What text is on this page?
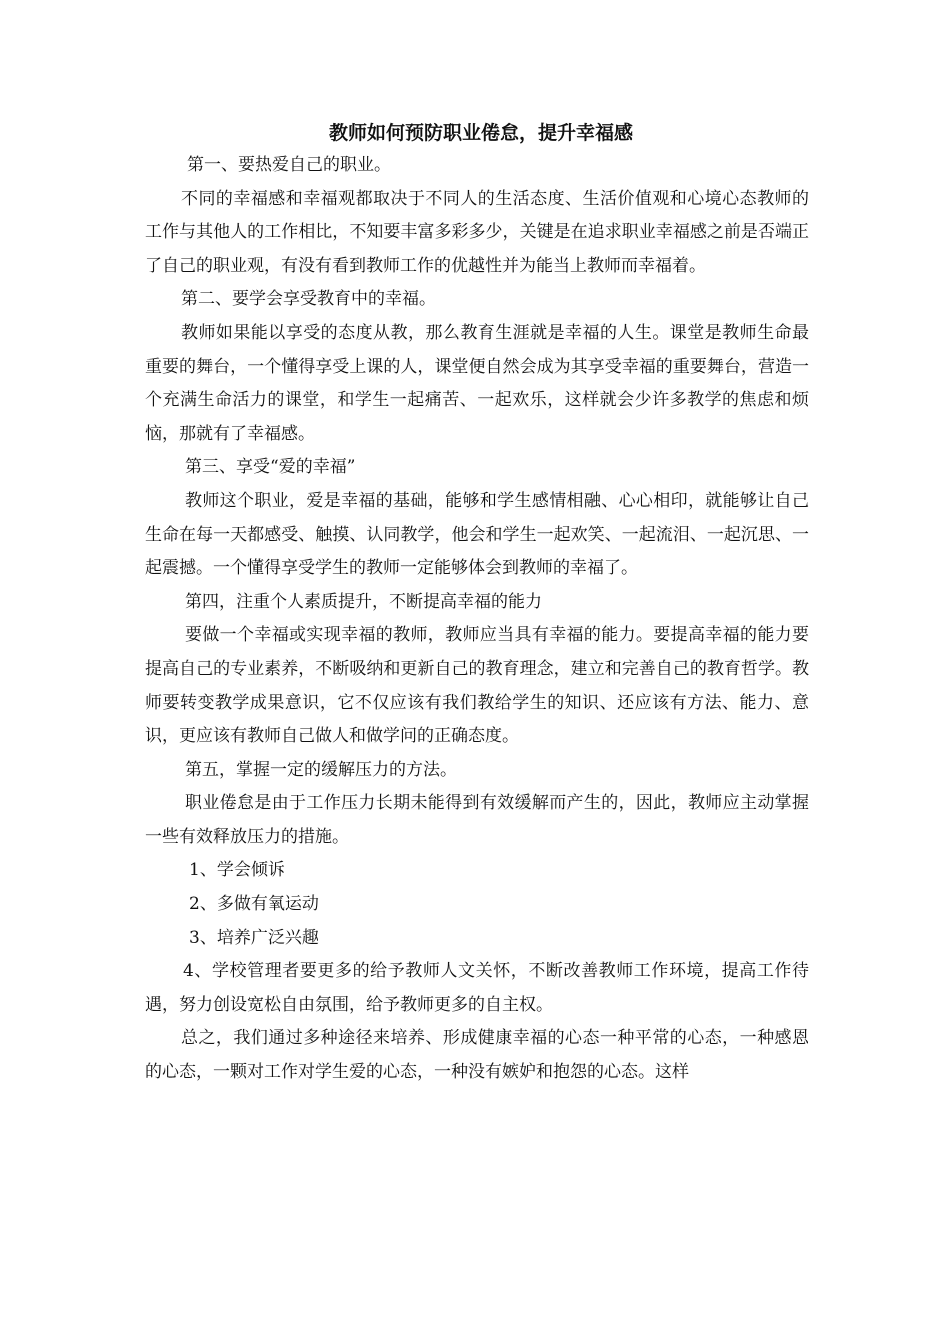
教师如何预防职业倦怠，提升幸福感

第一、要热爱自己的职业。

不同的幸福感和幸福观都取决于不同人的生活态度、生活价值观和心境心态教师的工作与其他人的工作相比，不知要丰富多彩多少，关键是在追求职业幸福感之前是否端正了自己的职业观，有没有看到教师工作的优越性并为能当上教师而幸福着。

第二、要学会享受教育中的幸福。

教师如果能以享受的态度从教，那么教育生涯就是幸福的人生。课堂是教师生命最重要的舞台，一个懂得享受上课的人，课堂便自然会成为其享受幸福的重要舞台，营造一个充满生命活力的课堂，和学生一起痛苦、一起欢乐，这样就会少许多教学的焦虑和烦恼，那就有了幸福感。

第三、享受“爱的幸福”

教师这个职业，爱是幸福的基础，能够和学生感情相融、心心相印，就能够让自己生命在每一天都感受、触摸、认同教学，他会和学生一起欢笑、一起流泪、一起沉思、一起震撼。一个懂得享受学生的教师一定能够体会到教师的幸福了。

第四，注重个人素质提升，不断提高幸福的能力

要做一个幸福或实现幸福的教师，教师应当具有幸福的能力。要提高幸福的能力要提高自己的专业素养，不断吸纳和更新自己的教育理念，建立和完善自己的教育哲学。教师要转变教学成果意识，它不仅应该有我们教给学生的知识、还应该有方法、能力、意识，更应该有教师自己做人和做学问的正确态度。

第五，掌握一定的缓解压力的方法。

职业倦怠是由于工作压力长期未能得到有效缓解而产生的，因此，教师应主动掌握一些有效释放压力的措施。

1、学会倾诉

2、多做有氧运动

3、培养广泛兴趣

4、学校管理者要更多的给予教师人文关怀，不断改善教师工作环境，提高工作待遇，努力创设宽松自由氛围，给予教师更多的自主权。

总之，我们通过多种途径来培养、形成健康幸福的心态一种平常的心态，一种感恩的心态，一颗对工作对学生爱的心态，一种没有嫉妒和抱怨的心态。这样
